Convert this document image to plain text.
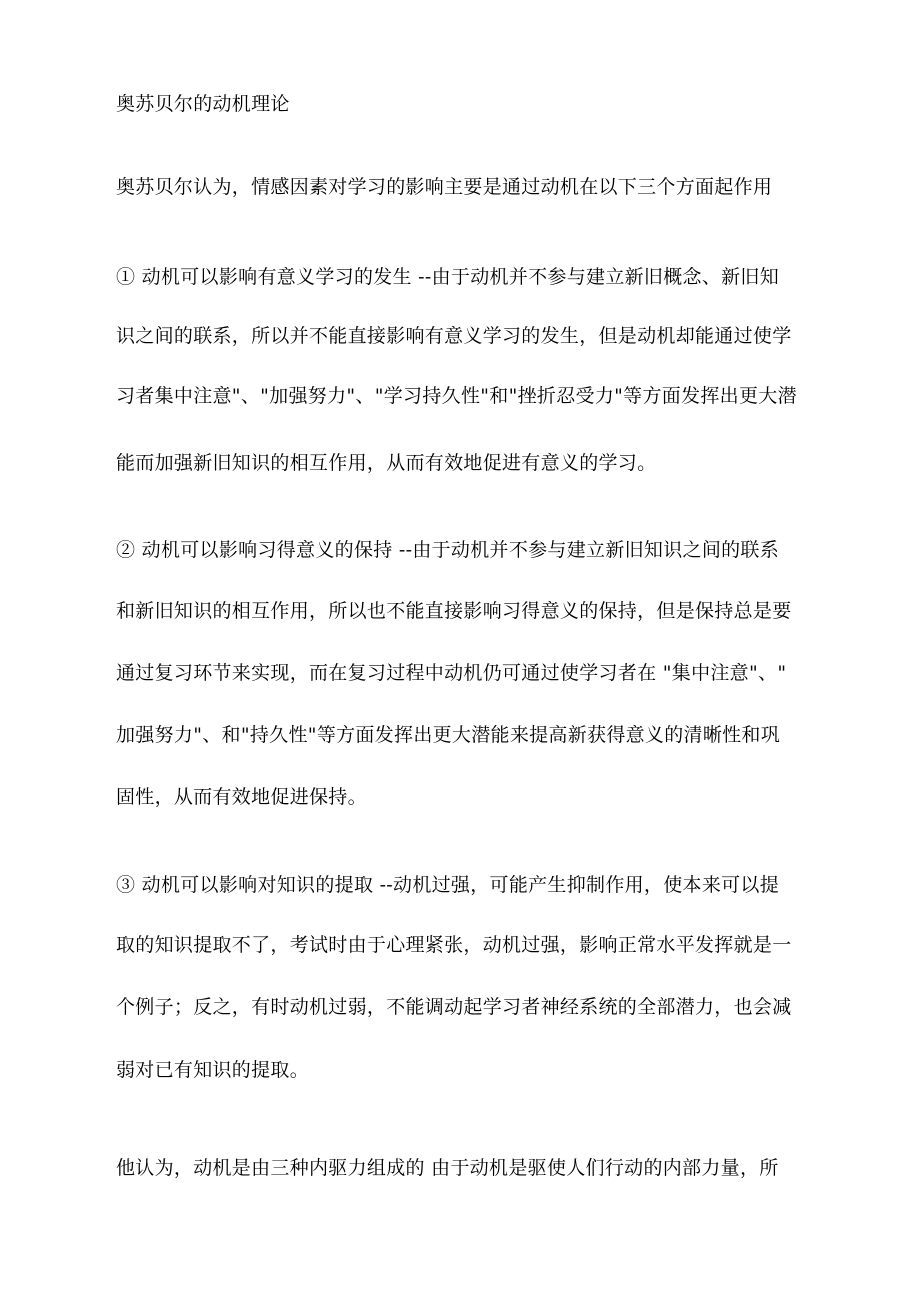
奥苏贝尔的动机理论
奥苏贝尔认为，情感因素对学习的影响主要是通过动机在以下三个方面起作用
① 动机可以影响有意义学习的发生 --由于动机并不参与建立新旧概念、新旧知
识之间的联系，所以并不能直接影响有意义学习的发生，但是动机却能通过使学
习者集中注意"、"加强努力"、"学习持久性"和"挫折忍受力"等方面发挥出更大潜
能而加强新旧知识的相互作用，从而有效地促进有意义的学习。
② 动机可以影响习得意义的保持 --由于动机并不参与建立新旧知识之间的联系
和新旧知识的相互作用，所以也不能直接影响习得意义的保持，但是保持总是要
通过复习环节来实现，而在复习过程中动机仍可通过使学习者在 "集中注意"、"
加强努力"、和"持久性"等方面发挥出更大潜能来提高新获得意义的清晰性和巩
固性，从而有效地促进保持。
③ 动机可以影响对知识的提取 --动机过强，可能产生抑制作用，使本来可以提
取的知识提取不了，考试时由于心理紧张，动机过强，影响正常水平发挥就是一
个例子；反之，有时动机过弱，不能调动起学习者神经系统的全部潜力，也会减
弱对已有知识的提取。
他认为，动机是由三种内驱力组成的 由于动机是驱使人们行动的内部力量，所
